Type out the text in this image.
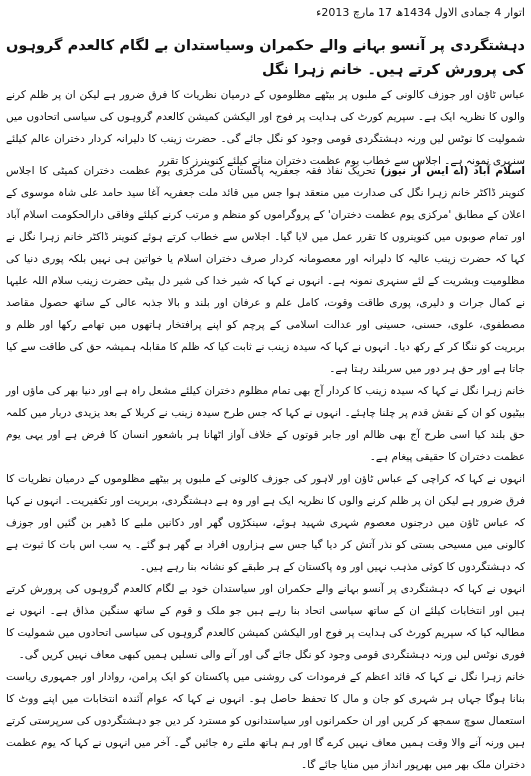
اتوار 4 جمادی الاول 1434ھ 17 مارچ 2013ء
دہشتگردی پر آنسو بہانے والے حکمران وسیاستدان بے لگام کالعدم گروہوں کی پرورش کرتے ہیں۔ خانم زہرا نگل

عباس ٹاؤن اور جوزف کالونی کے ملبوں پر بیٹھے مظلوموں کے درمیان نظریات کا فرق ضرور ہے لیکن ان پر ظلم کرنے والوں کا نظریہ ایک ہے۔ سپریم کورٹ کی ہدایت پر فوج اور الیکشن کمیشن کالعدم گروہوں کی سیاسی اتحادوں میں شمولیت کا نوٹس لیں ورنہ دہشتگردی قومی وجود کو نگل جائے گی۔ حضرت زینب کا دلیرانہ کردار دختران عالم کیلئے سنہری نمونہ ہے۔ اجلاس سے خطاب یوم عظمت دختران منانے کیلئے کنوینرز کا تقرر

اسلام آباد (اے ایس آر نیوز) تحریک نفاذ فقہ جعفریہ پاکستان کی مرکزی یوم عظمت دختران کمیٹی کا اجلاس کنوینر ڈاکٹر خانم زہرا نگل کی صدارت میں منعقد ہوا جس میں قائد ملت جعفریہ آغا سید حامد علی شاہ موسوی کے اعلان کے مطابق 'مرکزی یوم عظمت دختران' کے پروگراموں کو منظم و مرتب کرنے کیلئے وفاقی دارالحکومت اسلام آباد اور تمام صوبوں میں کنوینروں کا تقرر عمل میں لایا گیا۔ اجلاس سے خطاب کرتے ہوئے کنوینر ڈاکٹر خانم زہرا نگل نے کہا کہ حضرت زینب عالیہ کا دلیرانہ اور معصومانہ کردار صرف دختران اسلام یا خواتین ہی نہیں بلکہ پوری دنیا کی مظلومیت وبشریت کے لئے سنہری نمونہ ہے۔ انہوں نے کہا کہ شیر خدا کی شیر دل بیٹی حضرت زینب سلام اللہ علیہا نے کمال جرات و دلیری، پوری طاقت وقوت، کامل علم و عرفان اور بلند و بالا جذبہ عالی کے ساتھ حصول مقاصد مصطفوی، علوی، حسنی، حسینی اور عدالت اسلامی کے پرچم کو اپنے پرافتخار ہاتھوں میں تھامے رکھا اور ظلم و بربریت کو ننگا کر کے رکھ دیا۔ انہوں نے کہا کہ سیدہ زینب نے ثابت کیا کہ ظلم کا مقابلہ ہمیشہ حق کی طاقت سے کیا جاتا ہے اور حق ہر دور میں سربلند رہتا ہے۔

خانم زہرا نگل نے کہا کہ سیدہ زینب کا کردار آج بھی تمام مظلوم دختران کیلئے مشعل راہ ہے اور دنیا بھر کی ماؤں اور بیٹیوں کو ان کے نقش قدم پر چلنا چاہئے۔ انہوں نے کہا کہ جس طرح سیدہ زینب نے کربلا کے بعد یزیدی دربار میں کلمہ حق بلند کیا اسی طرح آج بھی ظالم اور جابر قوتوں کے خلاف آواز اٹھانا ہر باشعور انسان کا فرض ہے اور یہی یوم عظمت دختران کا حقیقی پیغام ہے۔

انہوں نے کہا کہ کراچی کے عباس ٹاؤن اور لاہور کی جوزف کالونی کے ملبوں پر بیٹھے مظلوموں کے درمیان نظریات کا فرق ضرور ہے لیکن ان پر ظلم کرنے والوں کا نظریہ ایک ہے اور وہ ہے دہشتگردی، بربریت اور تکفیریت۔ انہوں نے کہا کہ عباس ٹاؤن میں درجنوں معصوم شہری شہید ہوئے، سینکڑوں گھر اور دکانیں ملبے کا ڈھیر بن گئیں اور جوزف کالونی میں مسیحی بستی کو نذر آتش کر دیا گیا جس سے ہزاروں افراد بے گھر ہو گئے۔ یہ سب اس بات کا ثبوت ہے کہ دہشتگردوں کا کوئی مذہب نہیں اور وہ پاکستان کے ہر طبقے کو نشانہ بنا رہے ہیں۔

انہوں نے کہا کہ دہشتگردی پر آنسو بہانے والے حکمران اور سیاستدان خود بے لگام کالعدم گروہوں کی پرورش کرتے ہیں اور انتخابات کیلئے ان کے ساتھ سیاسی اتحاد بنا رہے ہیں جو ملک و قوم کے ساتھ سنگین مذاق ہے۔ انہوں نے مطالبہ کیا کہ سپریم کورٹ کی ہدایت پر فوج اور الیکشن کمیشن کالعدم گروہوں کی سیاسی اتحادوں میں شمولیت کا فوری نوٹس لیں ورنہ دہشتگردی قومی وجود کو نگل جائے گی اور آنے والی نسلیں ہمیں کبھی معاف نہیں کریں گی۔

خانم زہرا نگل نے کہا کہ قائد اعظم کے فرمودات کی روشنی میں پاکستان کو ایک پرامن، روادار اور جمہوری ریاست بنانا ہوگا جہاں ہر شہری کو جان و مال کا تحفظ حاصل ہو۔ انہوں نے کہا کہ عوام آئندہ انتخابات میں اپنے ووٹ کا استعمال سوچ سمجھ کر کریں اور ان حکمرانوں اور سیاستدانوں کو مسترد کر دیں جو دہشتگردوں کی سرپرستی کرتے ہیں ورنہ آنے والا وقت ہمیں معاف نہیں کرے گا اور ہم ہاتھ ملتے رہ جائیں گے۔ آخر میں انہوں نے کہا کہ یوم عظمت دختران ملک بھر میں بھرپور انداز میں منایا جائے گا۔
